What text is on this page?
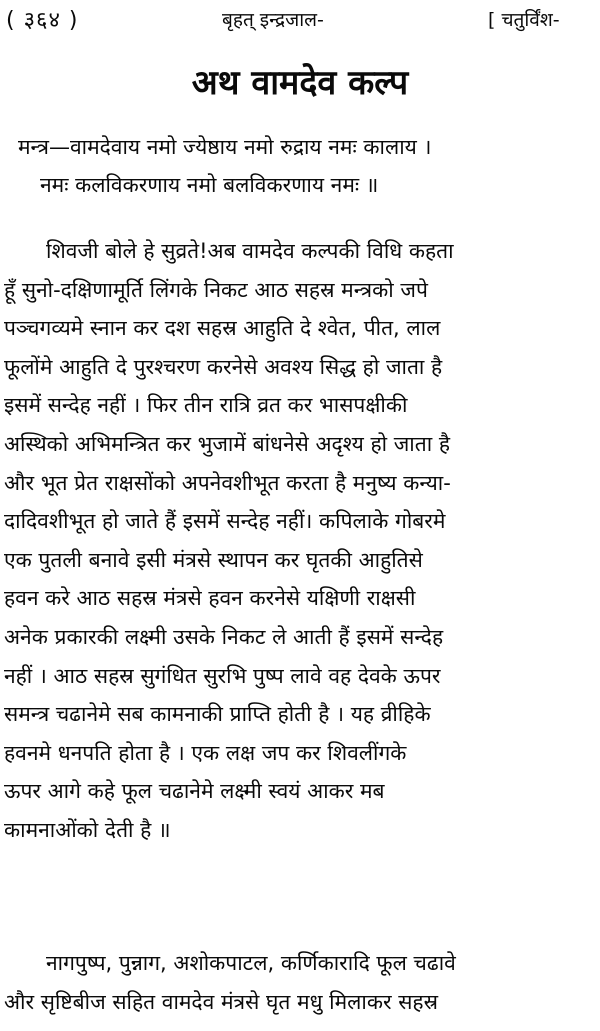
( ३६४ )	बृहत् इन्द्रजाल-	[ चतुर्विंश-
अथ वामदेव कल्प
मन्त्र—वामदेवाय नमो ज्येष्ठाय नमो रुद्राय नमः कालाय ।
नमः कलविकरणाय नमो बलविकरणाय नमः ॥
शिवजी बोले हे सुव्रते!अब वामदेव कल्पकी विधि कहता
हूँ सुनो-दक्षिणामूर्ति लिंगके निकट आठ सहस्र मन्त्रको जपे
पञ्चगव्यमे स्नान कर दश सहस्र आहुति दे श्वेत, पीत, लाल
फूलोंमे आहुति दे पुरश्चरण करनेसे अवश्य सिद्ध हो जाता है
इसमें सन्देह नहीं । फिर तीन रात्रि व्रत कर भासपक्षीकी
अस्थिको अभिमन्त्रित कर भुजामें बांधनेसे अदृश्य हो जाता है
और भूत प्रेत राक्षसोंको अपनेवशीभूत करता है मनुष्य कन्या-
दादिवशीभूत हो जाते हैं इसमें सन्देह नहीं। कपिलाके गोबरमे
एक पुतली बनावे इसी मंत्रसे स्थापन कर घृतकी आहुतिसे
हवन करे आठ सहस्र मंत्रसे हवन करनेसे यक्षिणी राक्षसी
अनेक प्रकारकी लक्ष्मी उसके निकट ले आती हैं इसमें सन्देह
नहीं । आठ सहस्र सुगंधित सुरभि पुष्प लावे वह देवके ऊपर
समन्त्र चढानेमे सब कामनाकी प्राप्ति होती है । यह व्रीहिके
हवनमे धनपति होता है । एक लक्ष जप कर शिवलींगके
ऊपर आगे कहे फूल चढानेमे लक्ष्मी स्वयं आकर मब
कामनाओंको देती है ॥
नागपुष्प, पुन्नाग, अशोकपाटल, कर्णिकारादि फूल चढावे
और सृष्टिबीज सहित वामदेव मंत्रसे घृत मधु मिलाकर सहस्र
